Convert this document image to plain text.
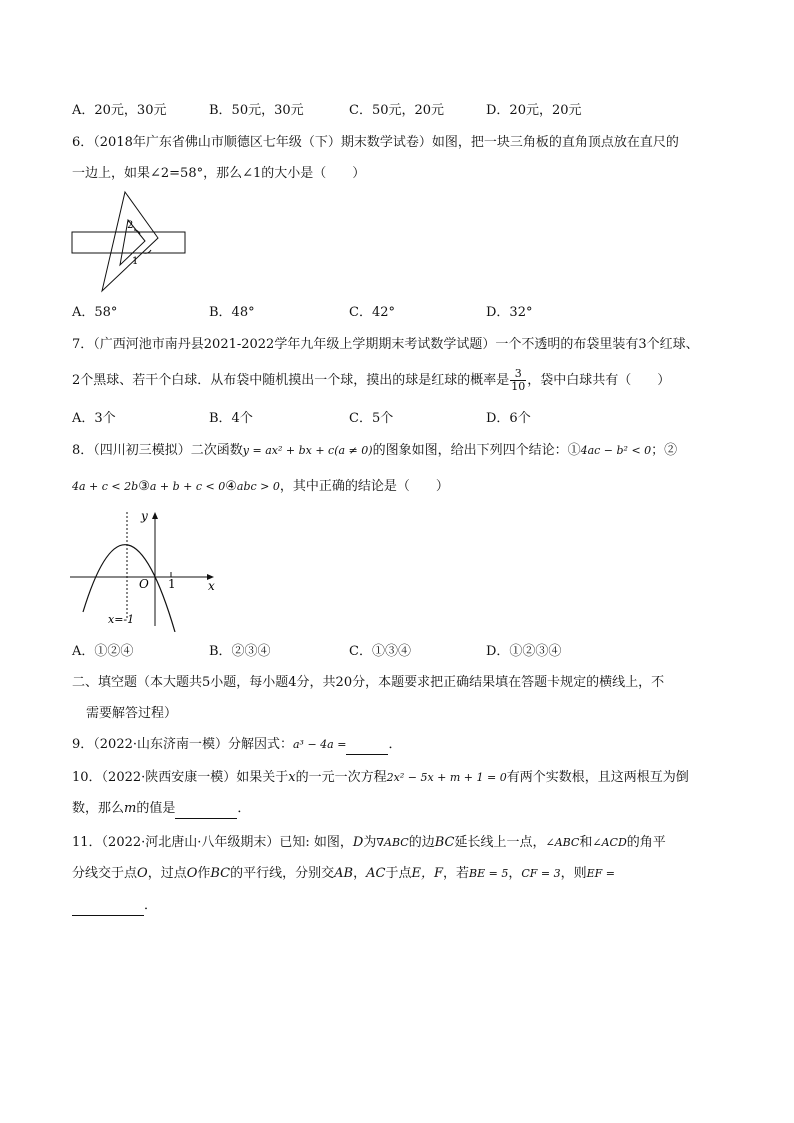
A．20元，30元	B．50元，30元	C．50元，20元	D．20元，20元
6．（2018年广东省佛山市顺德区七年级（下）期末数学试卷）如图，把一块三角板的直角顶点放在直尺的
一边上，如果∠2=58°，那么∠1的大小是（　　）
2
1
A．58°	B．48°	C．42°	D．32°
7．（广西河池市南丹县2021-2022学年九年级上学期期末考试数学试题）一个不透明的布袋里装有3个红球、
2个黑球、若干个白球．从布袋中随机摸出一个球，摸出的球是红球的概率是 $\frac{3}{10}$ ，袋中白球共有（　　）
A．3个	B．4个	C．5个	D．6个
8．（四川初三模拟）二次函数y = ax² + bx + c(a ≠ 0)的图象如图，给出下列四个结论：①4ac − b² < 0；②
4a + c < 2b③a + b + c < 0④abc > 0，其中正确的结论是（　　）
y
x
O 1
x=-1
A．①②④	B．②③④	C．①③④	D．①②③④
二、填空题（本大题共5小题，每小题4分，共20分，本题要求把正确结果填在答题卡规定的横线上，不
需要解答过程）
9．（2022·山东济南一模）分解因式：a³ − 4a =	．
10．（2022·陕西安康一模）如果关于x的一元一次方程2x² − 5x + m + 1 = 0有两个实数根，且这两根互为倒
数，那么m的值是	．
11．（2022·河北唐山·八年级期末）已知: 如图，D为∇ABC的边BC延长线上一点，∠ABC和∠ACD的角平
分线交于点O，过点O作BC的平行线，分别交AB，AC于点E，F，若BE = 5，CF = 3，则EF =
．
